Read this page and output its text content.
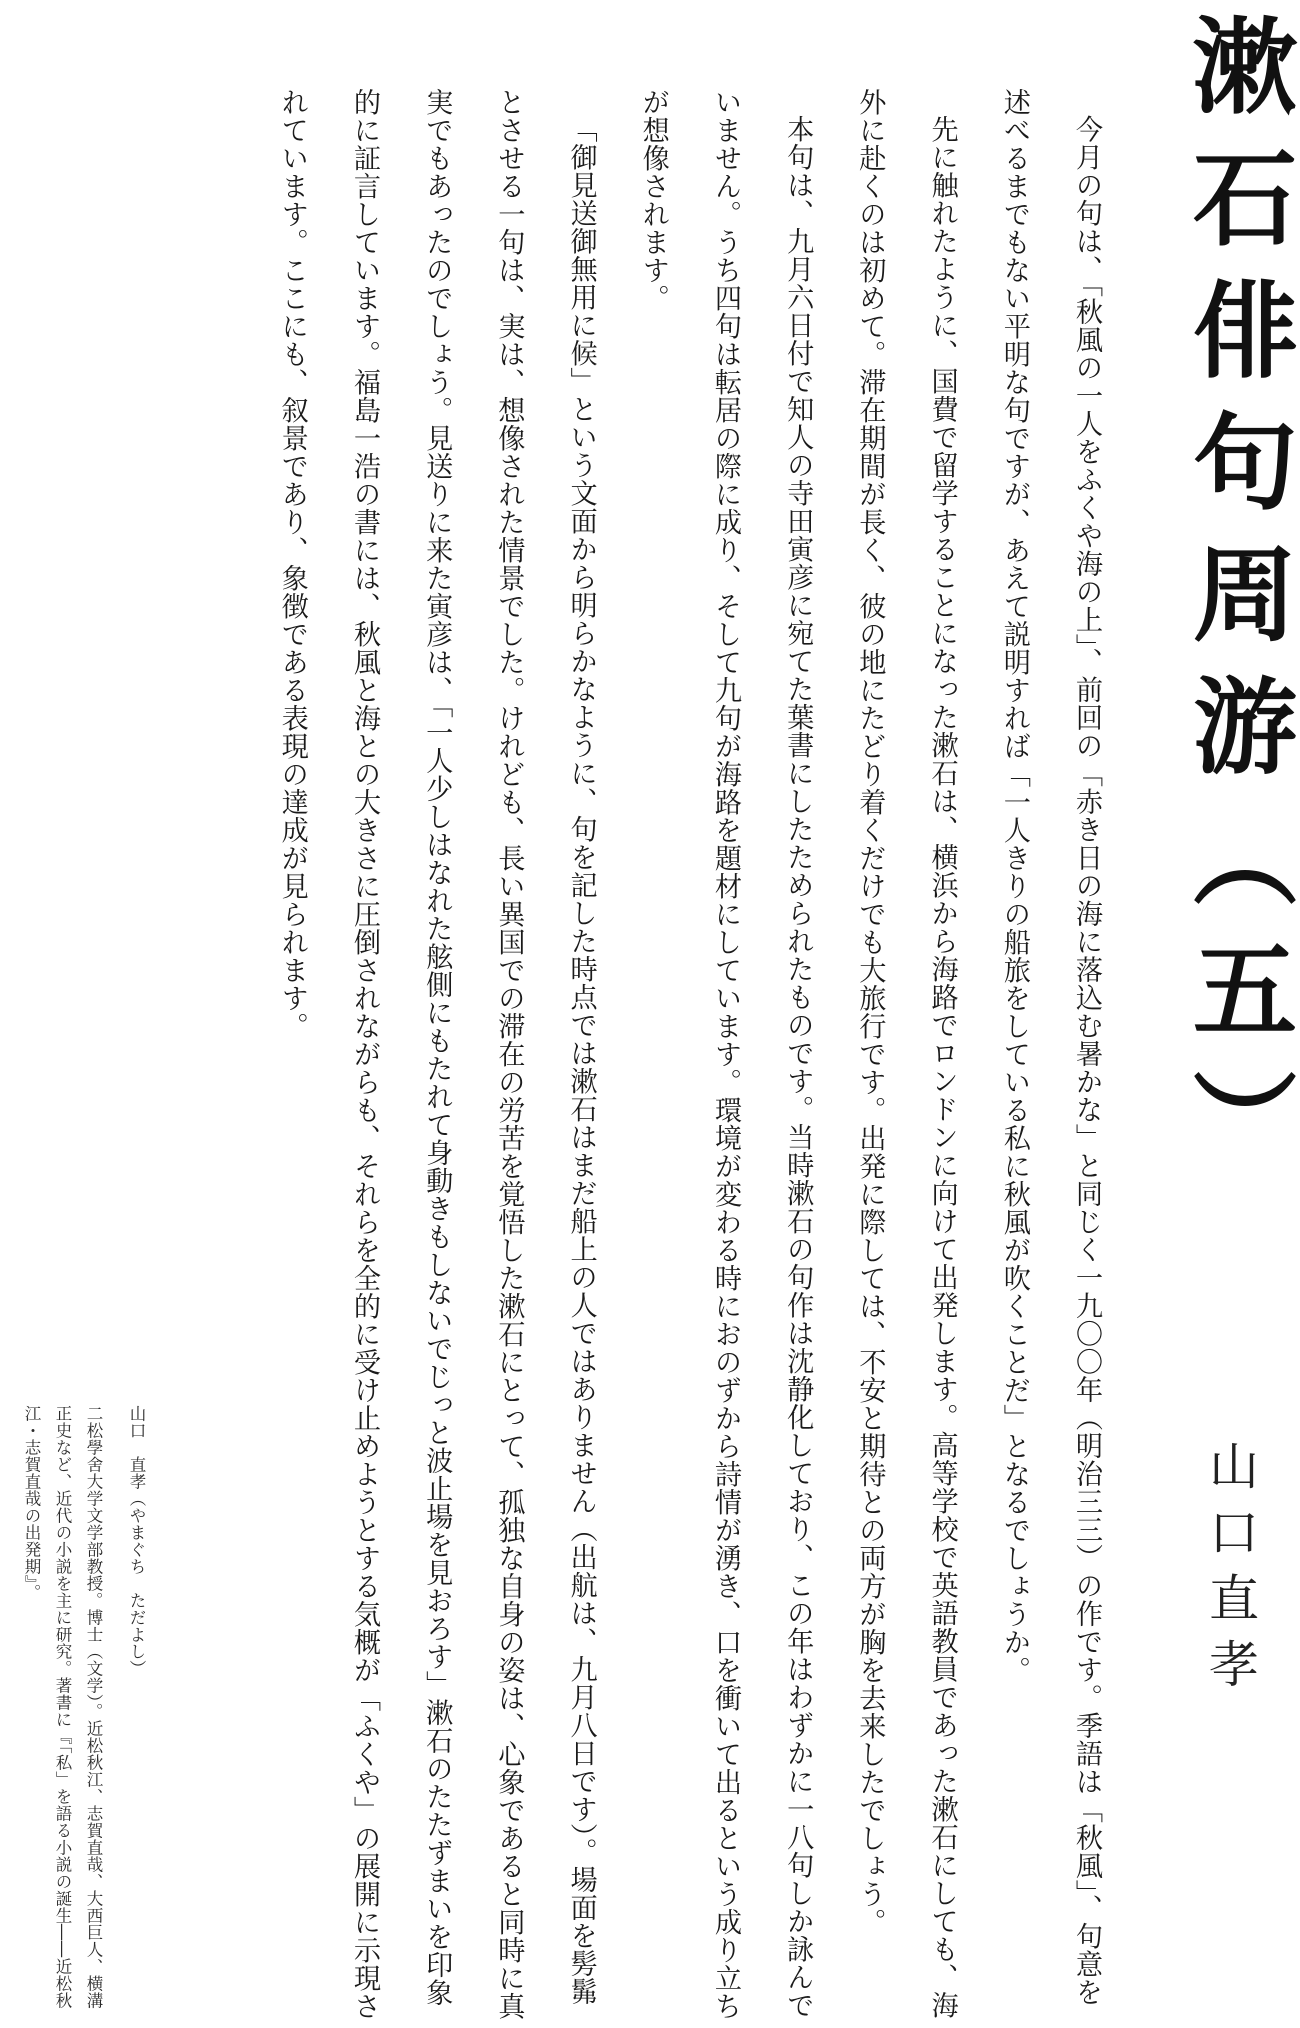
漱石俳句周游（五）
山口直孝

今月の句は、「秋風の一人をふくや海の上」、前回の「赤き日の海に落込む暑かな」と同じく一九〇〇年（明治三三）の作です。季語は「秋風」、句意を述べるまでもない平明な句ですが、あえて説明すれば「一人きりの船旅をしている私に秋風が吹くことだ」となるでしょうか。

先に触れたように、国費で留学することになった漱石は、横浜から海路でロンドンに向けて出発します。高等学校で英語教員であった漱石にしても、海外に赴くのは初めて。滞在期間が長く、彼の地にたどり着くだけでも大旅行です。出発に際しては、不安と期待との両方が胸を去来したでしょう。

本句は、九月六日付で知人の寺田寅彦に宛てた葉書にしたためられたものです。当時漱石の句作は沈静化しており、この年はわずかに一八句しか詠んでいません。うち四句は転居の際に成り、そして九句が海路を題材にしています。環境が変わる時におのずから詩情が湧き、口を衝いて出るという成り立ちが想像されます。

「御見送御無用に候」という文面から明らかなように、句を記した時点では漱石はまだ船上の人ではありません（出航は、九月八日です）。場面を髣髴とさせる一句は、実は、想像された情景でした。けれども、長い異国での滞在の労苦を覚悟した漱石にとって、孤独な自身の姿は、心象であると同時に真実でもあったのでしょう。見送りに来た寅彦は、「一人少しはなれた舷側にもたれて身動きもしないでじっと波止場を見おろす」漱石のたたずまいを印象的に証言しています。福島一浩の書には、秋風と海との大きさに圧倒されながらも、それらを全的に受け止めようとする気概が「ふくや」の展開に示現されています。ここにも、叙景であり、象徴である表現の達成が見られます。

山口　直孝（やまぐち　ただよし）
二松學舍大学文学部教授。博士（文学）。近松秋江、志賀直哉、大西巨人、横溝正史など、近代の小説を主に研究。著書に『「私」を語る小説の誕生――近松秋江・志賀直哉の出発期』。
